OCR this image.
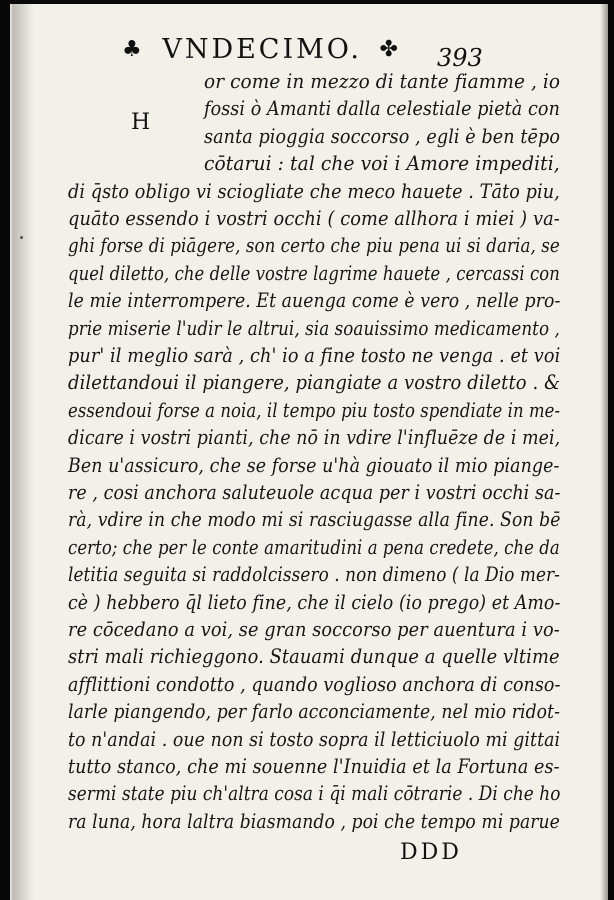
♣ VNDECIMO. ✤	393
H
or come in mezzo di tante fiamme , io
fossi ò Amanti dalla celestiale pietà con
santa pioggia soccorso , egli è ben tēpo
cōtarui : tal che voi i Amore impediti,
di q̄sto obligo vi sciogliate che meco hauete . Tāto piu,
quāto essendo i vostri occhi ( come allhora i miei ) va-
ghi forse di piāgere, son certo che piu pena ui si daria, se
quel diletto, che delle vostre lagrime hauete , cercassi con
le mie interrompere. Et auenga come è vero , nelle pro-
prie miserie l'udir le altrui, sia soauissimo medicamento ,
pur' il meglio sarà , ch' io a fine tosto ne venga . et voi
dilettandoui il piangere, piangiate a vostro diletto . &
essendoui forse a noia, il tempo piu tosto spendiate in me-
dicare i vostri pianti, che nō in vdire l'influēze de i mei,
Ben u'assicuro, che se forse u'hà giouato il mio piange-
re , cosi anchora saluteuole acqua per i vostri occhi sa-
rà, vdire in che modo mi si rasciugasse alla fine. Son bē
certo; che per le conte amaritudini a pena credete, che da
letitia seguita si raddolcissero . non dimeno ( la Dio mer-
cè ) hebbero q̄l lieto fine, che il cielo (io prego) et Amo-
re cōcedano a voi, se gran soccorso per auentura i vo-
stri mali richieggono. Stauami dunque a quelle vltime
afflittioni condotto , quando voglioso anchora di conso-
larle piangendo, per farlo acconciamente, nel mio ridot-
to n'andai . oue non si tosto sopra il letticiuolo mi gittai
tutto stanco, che mi souenne l'Inuidia et la Fortuna es-
sermi state piu ch'altra cosa i q̄i mali cōtrarie . Di che ho
ra luna, hora laltra biasmando , poi che tempo mi parue
DDD
